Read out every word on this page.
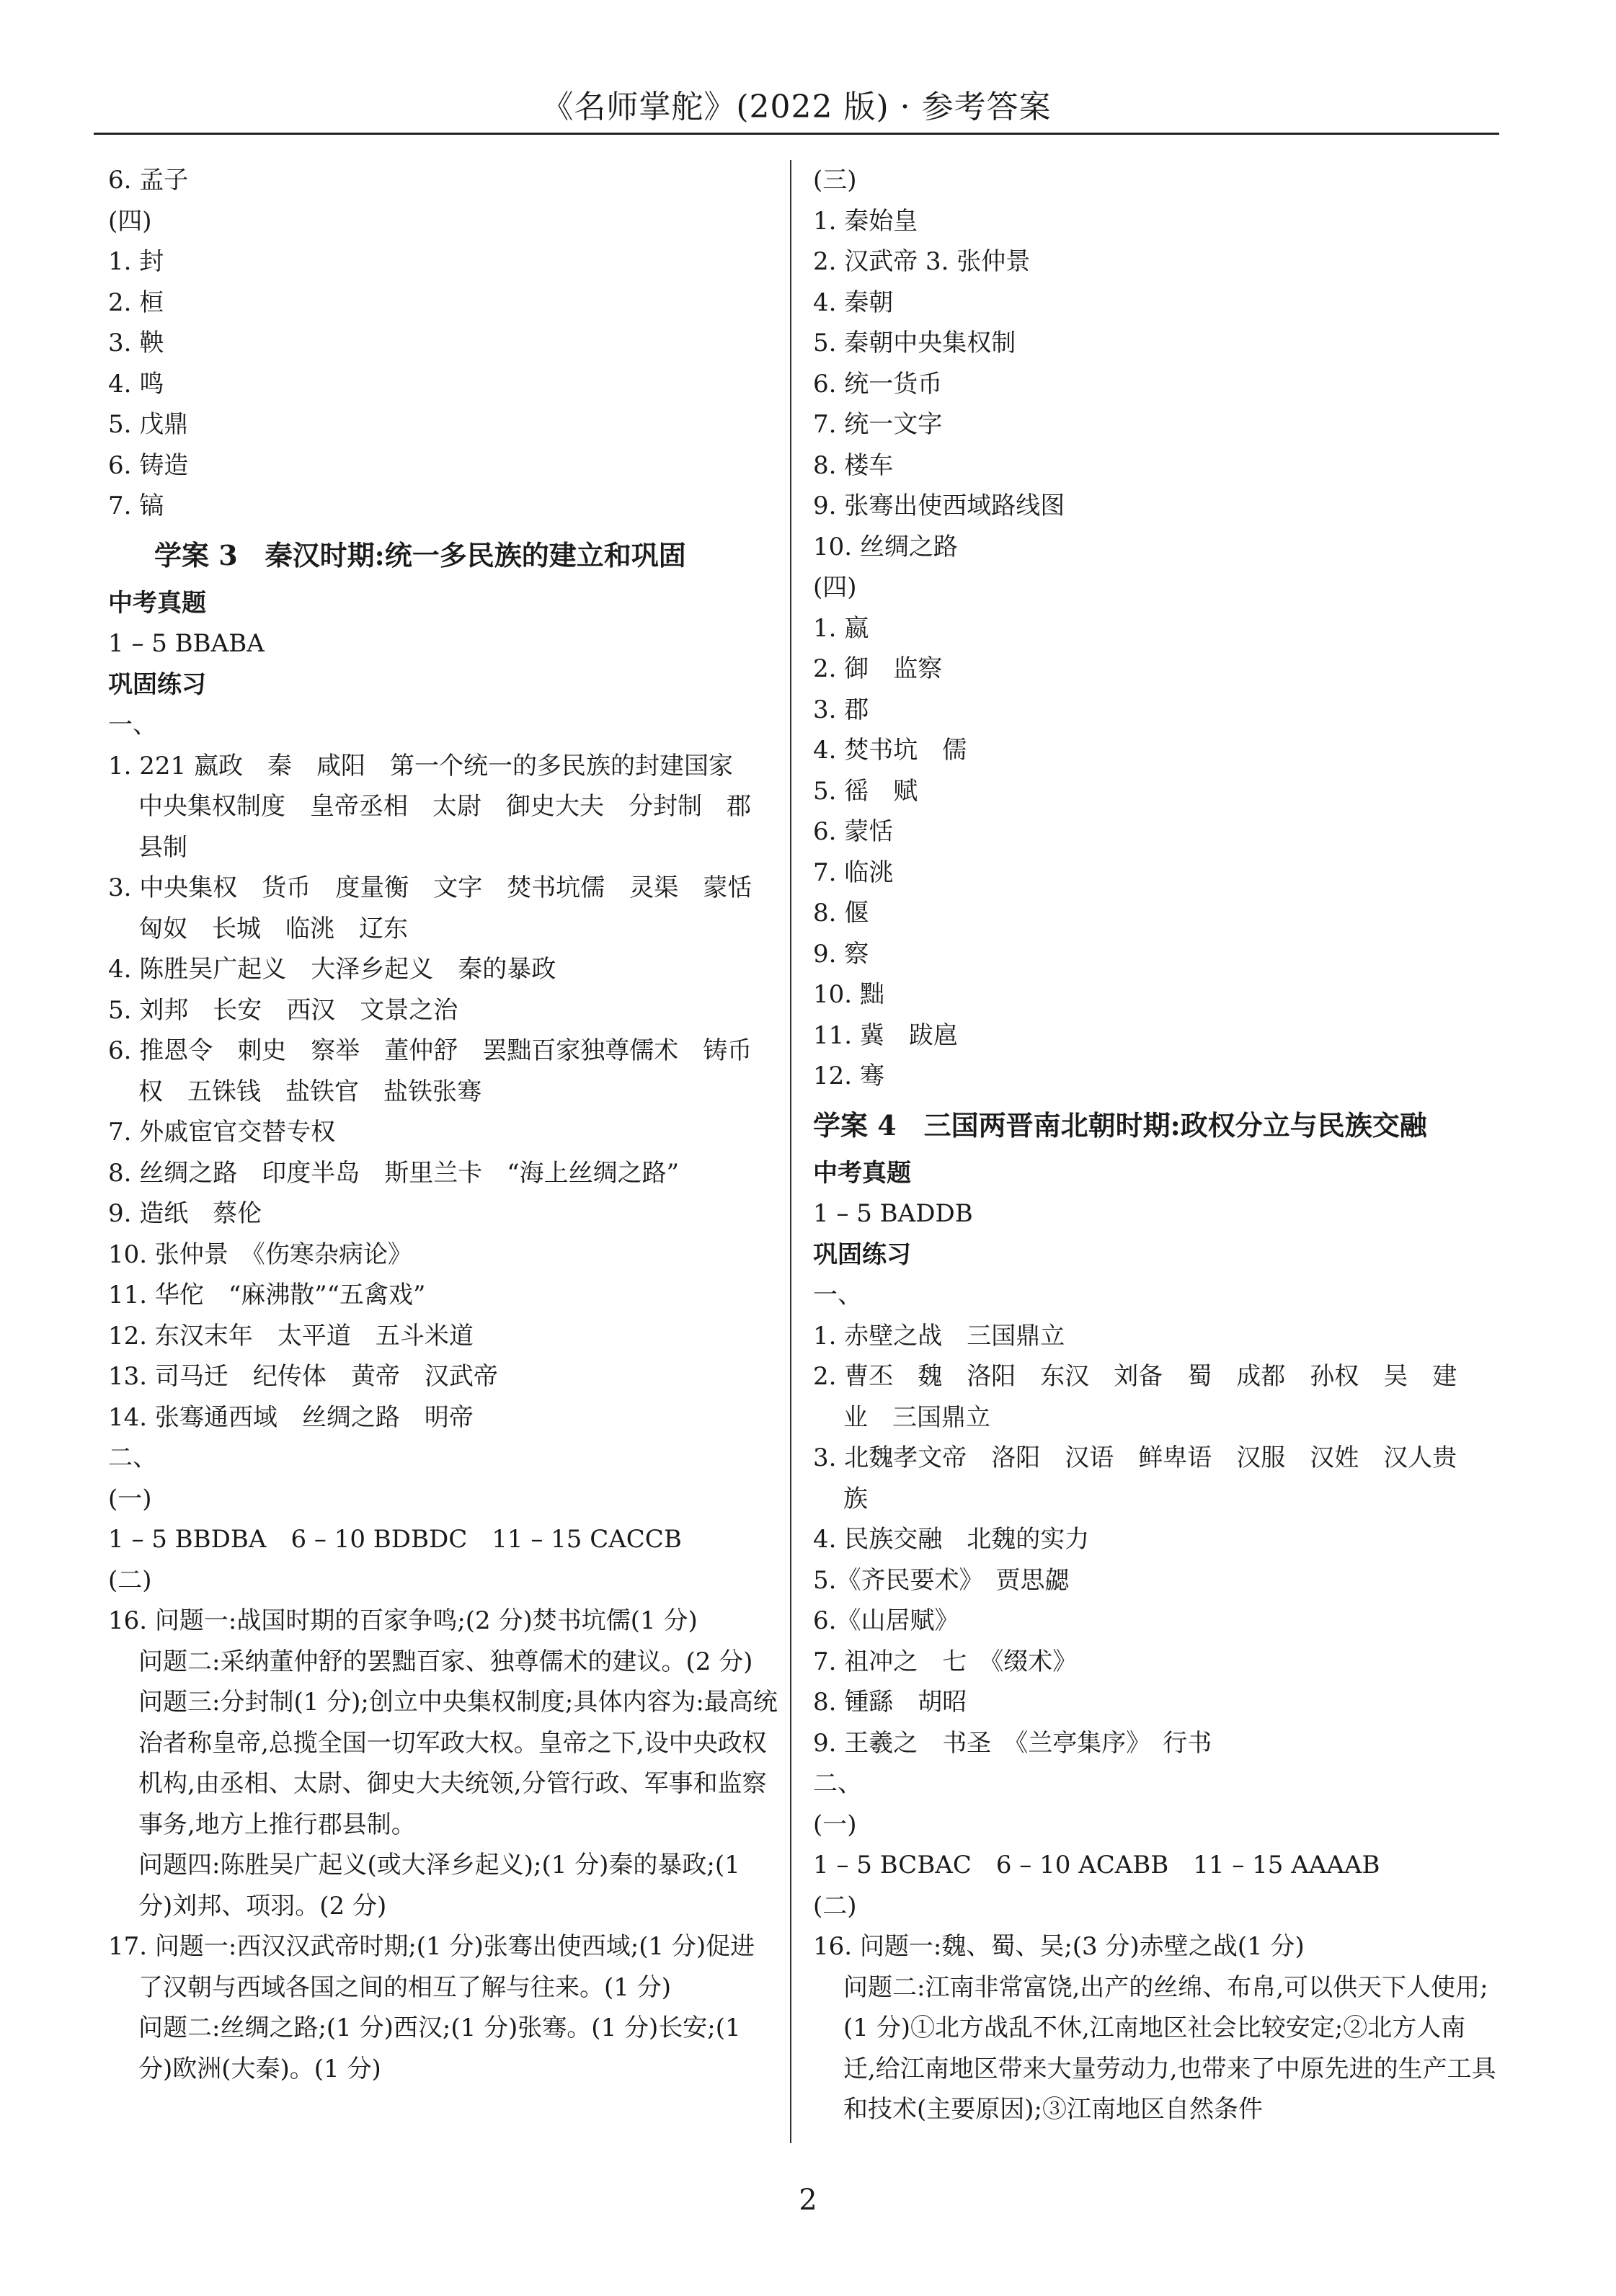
《名师掌舵》(2022 版) · 参考答案
6. 孟子
(四)
1. 封
2. 桓
3. 鞅
4. 鸣
5. 戊鼎
6. 铸造
7. 镐
学案 3　秦汉时期:统一多民族的建立和巩固
中考真题
1 – 5 BBABA
巩固练习
一、
1. 221 嬴政　秦　咸阳　第一个统一的多民族的封建国家
中央集权制度　皇帝丞相　太尉　御史大夫　分封制　郡
县制
3. 中央集权　货币　度量衡　文字　焚书坑儒　灵渠　蒙恬
匈奴　长城　临洮　辽东
4. 陈胜吴广起义　大泽乡起义　秦的暴政
5. 刘邦　长安　西汉　文景之治
6. 推恩令　刺史　察举　董仲舒　罢黜百家独尊儒术　铸币
权　五铢钱　盐铁官　盐铁张骞
7. 外戚宦官交替专权
8. 丝绸之路　印度半岛　斯里兰卡　“海上丝绸之路”
9. 造纸　蔡伦
10. 张仲景　《伤寒杂病论》
11. 华佗　“麻沸散”“五禽戏”
12. 东汉末年　太平道　五斗米道
13. 司马迁　纪传体　黄帝　汉武帝
14. 张骞通西域　丝绸之路　明帝
二、
(一)
1 – 5 BBDBA　6 – 10 BDBDC　11 – 15 CACCB
(二)
16. 问题一:战国时期的百家争鸣;(2 分)焚书坑儒(1 分)
问题二:采纳董仲舒的罢黜百家、独尊儒术的建议。(2 分)
问题三:分封制(1 分);创立中央集权制度;具体内容为:最高统治者称皇帝,总揽全国一切军政大权。皇帝之下,设中央政权机构,由丞相、太尉、御史大夫统领,分管行政、军事和监察事务,地方上推行郡县制。
问题四:陈胜吴广起义(或大泽乡起义);(1 分)秦的暴政;(1 分)刘邦、项羽。(2 分)
17. 问题一:西汉汉武帝时期;(1 分)张骞出使西域;(1 分)促进了汉朝与西域各国之间的相互了解与往来。(1 分)
问题二:丝绸之路;(1 分)西汉;(1 分)张骞。(1 分)长安;(1 分)欧洲(大秦)。(1 分)
(三)
1. 秦始皇
2. 汉武帝 3. 张仲景
4. 秦朝
5. 秦朝中央集权制
6. 统一货币
7. 统一文字
8. 楼车
9. 张骞出使西域路线图
10. 丝绸之路
(四)
1. 嬴
2. 御　监察
3. 郡
4. 焚书坑　儒
5. 徭　赋
6. 蒙恬
7. 临洮
8. 偃
9. 察
10. 黜
11. 冀　跋扈
12. 骞
学案 4　三国两晋南北朝时期:政权分立与民族交融
中考真题
1 – 5 BADDB
巩固练习
一、
1. 赤壁之战　三国鼎立
2. 曹丕　魏　洛阳　东汉　刘备　蜀　成都　孙权　吴　建
业　三国鼎立
3. 北魏孝文帝　洛阳　汉语　鲜卑语　汉服　汉姓　汉人贵
族
4. 民族交融　北魏的实力
5.《齐民要术》　贾思勰
6.《山居赋》
7. 祖冲之　七　《缀术》
8. 锺繇　胡昭
9. 王羲之　书圣　《兰亭集序》　行书
二、
(一)
1 – 5 BCBAC　6 – 10 ACABB　11 – 15 AAAAB
(二)
16. 问题一:魏、蜀、吴;(3 分)赤壁之战(1 分)
问题二:江南非常富饶,出产的丝绵、布帛,可以供天下人使用;(1 分)①北方战乱不休,江南地区社会比较安定;②北方人南迁,给江南地区带来大量劳动力,也带来了中原先进的生产工具和技术(主要原因);③江南地区自然条件
2
